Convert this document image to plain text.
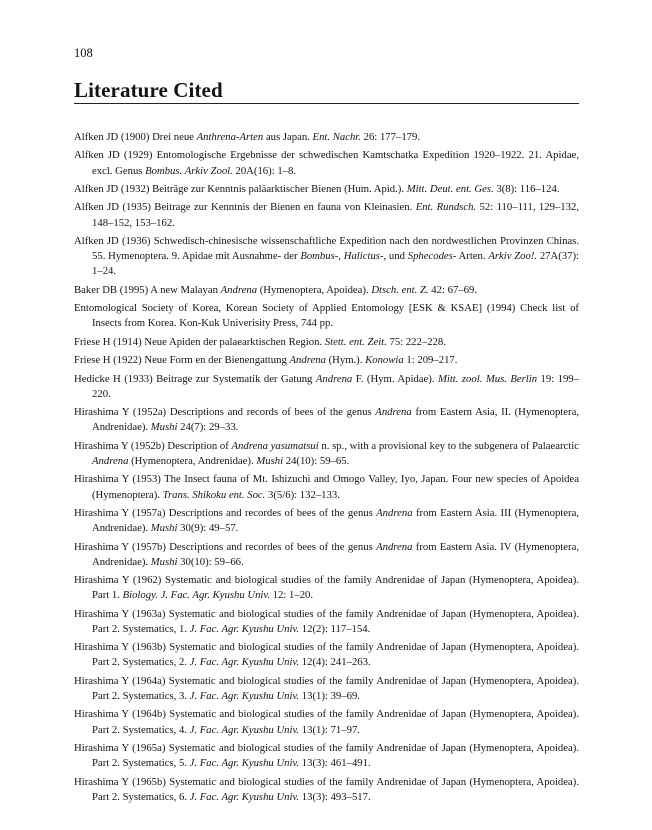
108
Literature Cited
Alfken JD (1900) Drei neue Anthrena-Arten aus Japan. Ent. Nachr. 26: 177–179.
Alfken JD (1929) Entomologische Ergebnisse der schwedischen Kamtschatka Expedition 1920–1922. 21. Apidae, excl. Genus Bombus. Arkiv Zool. 20A(16): 1–8.
Alfken JD (1932) Beiträge zur Kenntnis paläarktischer Bienen (Hum. Apid.). Mitt. Deut. ent. Ges. 3(8): 116–124.
Alfken JD (1935) Beitrage zur Kenntnis der Bienen en fauna von Kleinasien. Ent. Rundsch. 52: 110–111, 129–132, 148–152, 153–162.
Alfken JD (1936) Schwedisch-chinesische wissenschaftliche Expedition nach den nordwestlichen Provinzen Chinas. 55. Hymenoptera. 9. Apidae mit Ausnahme- der Bombus-, Halictus-, und Sphecodes- Arten. Arkiv Zoo!. 27A(37): 1–24.
Baker DB (1995) A new Malayan Andrena (Hymenoptera, Apoidea). Dtsch. ent. Z. 42: 67–69.
Entomological Society of Korea, Korean Society of Applied Entomology [ESK & KSAE] (1994) Check list of Insects from Korea. Kon-Kuk Univerisity Press, 744 pp.
Friese H (1914) Neue Apiden der palaearktischen Region. Stett. ent. Zeit. 75: 222–228.
Friese H (1922) Neue Form en der Bienengattung Andrena (Hym.). Konowia 1: 209–217.
Hedicke H (1933) Beitrage zur Systematik der Gatung Andrena F. (Hym. Apidae). Mitt. zool. Mus. Berlin 19: 199–220.
Hirashima Y (1952a) Descriptions and records of bees of the genus Andrena from Eastern Asia, II. (Hymenoptera, Andrenidae). Mushi 24(7): 29–33.
Hirashima Y (1952b) Description of Andrena yasumatsui n. sp., with a provisional key to the subgenera of Palaearctic Andrena (Hymenoptera, Andrenidae). Mushi 24(10): 59–65.
Hirashima Y (1953) The Insect fauna of Mt. Ishizuchi and Omogo Valley, Iyo, Japan. Four new species of Apoidea (Hymenoptera). Trans. Shikoku ent. Soc. 3(5/6): 132–133.
Hirashima Y (1957a) Descriptions and recordes of bees of the genus Andrena from Eastern Asia. III (Hymenoptera, Andrenidae). Mushi 30(9): 49–57.
Hirashima Y (1957b) Descriptions and recordes of bees of the genus Andrena from Eastern Asia. IV (Hymenoptera, Andrenidae). Mushi 30(10): 59–66.
Hirashima Y (1962) Systematic and biological studies of the family Andrenidae of Japan (Hymenoptera, Apoidea). Part 1. Biology. J. Fac. Agr. Kyushu Univ. 12: 1–20.
Hirashima Y (1963a) Systematic and biological studies of the family Andrenidae of Japan (Hymenoptera, Apoidea). Part 2. Systematics, 1. J. Fac. Agr. Kyushu Univ. 12(2): 117–154.
Hirashima Y (1963b) Systematic and biological studies of the family Andrenidae of Japan (Hymenoptera, Apoidea). Part 2. Systematics, 2. J. Fac. Agr. Kyushu Univ. 12(4): 241–263.
Hirashima Y (1964a) Systematic and biological studies of the family Andrenidae of Japan (Hymenoptera, Apoidea). Part 2. Systematics, 3. J. Fac. Agr. Kyushu Univ. 13(1): 39–69.
Hirashima Y (1964b) Systematic and biological studies of the family Andrenidae of Japan (Hymenoptera, Apoidea). Part 2. Systematics, 4. J. Fac. Agr. Kyushu Univ. 13(1): 71–97.
Hirashima Y (1965a) Systematic and biological studies of the family Andrenidae of Japan (Hymenoptera, Apoidea). Part 2. Systematics, 5. J. Fac. Agr. Kyushu Univ. 13(3): 461–491.
Hirashima Y (1965b) Systematic and biological studies of the family Andrenidae of Japan (Hymenoptera, Apoidea). Part 2. Systematics, 6. J. Fac. Agr. Kyushu Univ. 13(3): 493–517.
